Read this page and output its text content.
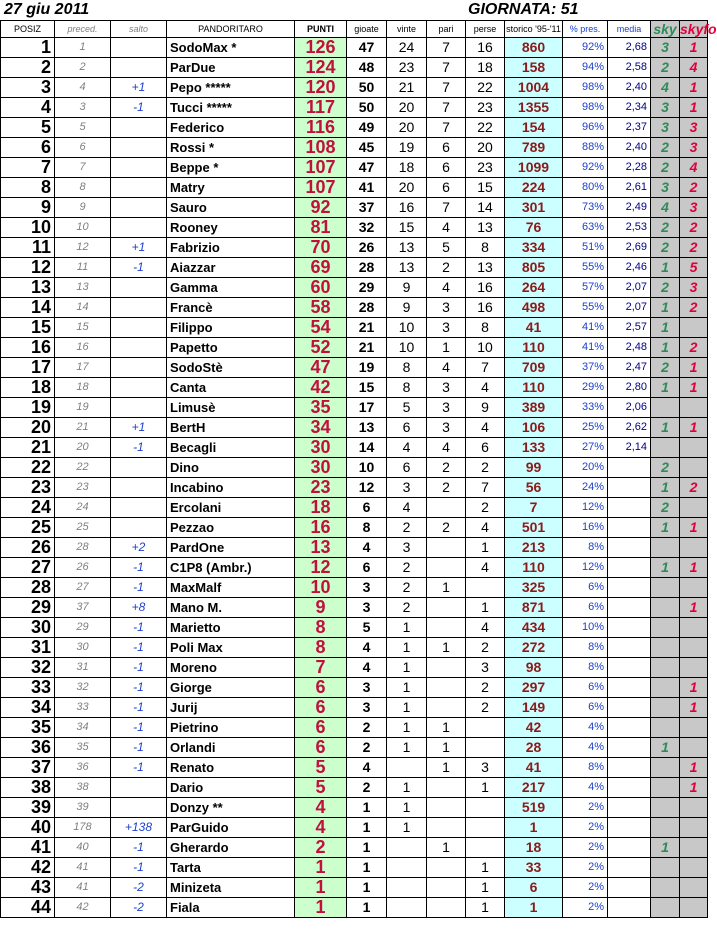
27 giu 2011	GIORNATA: 51
POSIZ	preced.	salto	PANDORITARO	PUNTI	gioate	vinte	pari	perse	storico '95-'11	% pres.	media	sky	skyfo
1	1		SodoMax *	126	47	24	7	16	860	92%	2,68	3	1
2	2		ParDue	124	48	23	7	18	158	94%	2,58	2	4
3	4	+1	Pepo *****	120	50	21	7	22	1004	98%	2,40	4	1
4	3	-1	Tucci *****	117	50	20	7	23	1355	98%	2,34	3	1
5	5		Federico	116	49	20	7	22	154	96%	2,37	3	3
6	6		Rossi *	108	45	19	6	20	789	88%	2,40	2	3
7	7		Beppe *	107	47	18	6	23	1099	92%	2,28	2	4
8	8		Matry	107	41	20	6	15	224	80%	2,61	3	2
9	9		Sauro	92	37	16	7	14	301	73%	2,49	4	3
10	10		Rooney	81	32	15	4	13	76	63%	2,53	2	2
11	12	+1	Fabrizio	70	26	13	5	8	334	51%	2,69	2	2
12	11	-1	Aiazzar	69	28	13	2	13	805	55%	2,46	1	5
13	13		Gamma	60	29	9	4	16	264	57%	2,07	2	3
14	14		Francè	58	28	9	3	16	498	55%	2,07	1	2
15	15		Filippo	54	21	10	3	8	41	41%	2,57	1	
16	16		Papetto	52	21	10	1	10	110	41%	2,48	1	2
17	17		SodoStè	47	19	8	4	7	709	37%	2,47	2	1
18	18		Canta	42	15	8	3	4	110	29%	2,80	1	1
19	19		Limusè	35	17	5	3	9	389	33%	2,06		
20	21	+1	BertH	34	13	6	3	4	106	25%	2,62	1	1
21	20	-1	Becagli	30	14	4	4	6	133	27%	2,14		
22	22		Dino	30	10	6	2	2	99	20%		2	
23	23		Incabino	23	12	3	2	7	56	24%		1	2
24	24		Ercolani	18	6	4		2	7	12%		2	
25	25		Pezzao	16	8	2	2	4	501	16%		1	1
26	28	+2	PardOne	13	4	3		1	213	8%			
27	26	-1	C1P8 (Ambr.)	12	6	2		4	110	12%		1	1
28	27	-1	MaxMalf	10	3	2	1		325	6%			
29	37	+8	Mano M.	9	3	2		1	871	6%			1
30	29	-1	Marietto	8	5	1		4	434	10%			
31	30	-1	Poli Max	8	4	1	1	2	272	8%			
32	31	-1	Moreno	7	4	1		3	98	8%			
33	32	-1	Giorge	6	3	1		2	297	6%			1
34	33	-1	Jurij	6	3	1		2	149	6%			1
35	34	-1	Pietrino	6	2	1	1		42	4%			
36	35	-1	Orlandi	6	2	1	1		28	4%		1	
37	36	-1	Renato	5	4		1	3	41	8%			1
38	38		Dario	5	2	1		1	217	4%			1
39	39		Donzy **	4	1	1			519	2%			
40	178	+138	ParGuido	4	1	1			1	2%			
41	40	-1	Gherardo	2	1		1		18	2%		1	
42	41	-1	Tarta	1	1			1	33	2%			
43	41	-2	Minizeta	1	1			1	6	2%			
44	42	-2	Fiala	1	1			1	1	2%			
